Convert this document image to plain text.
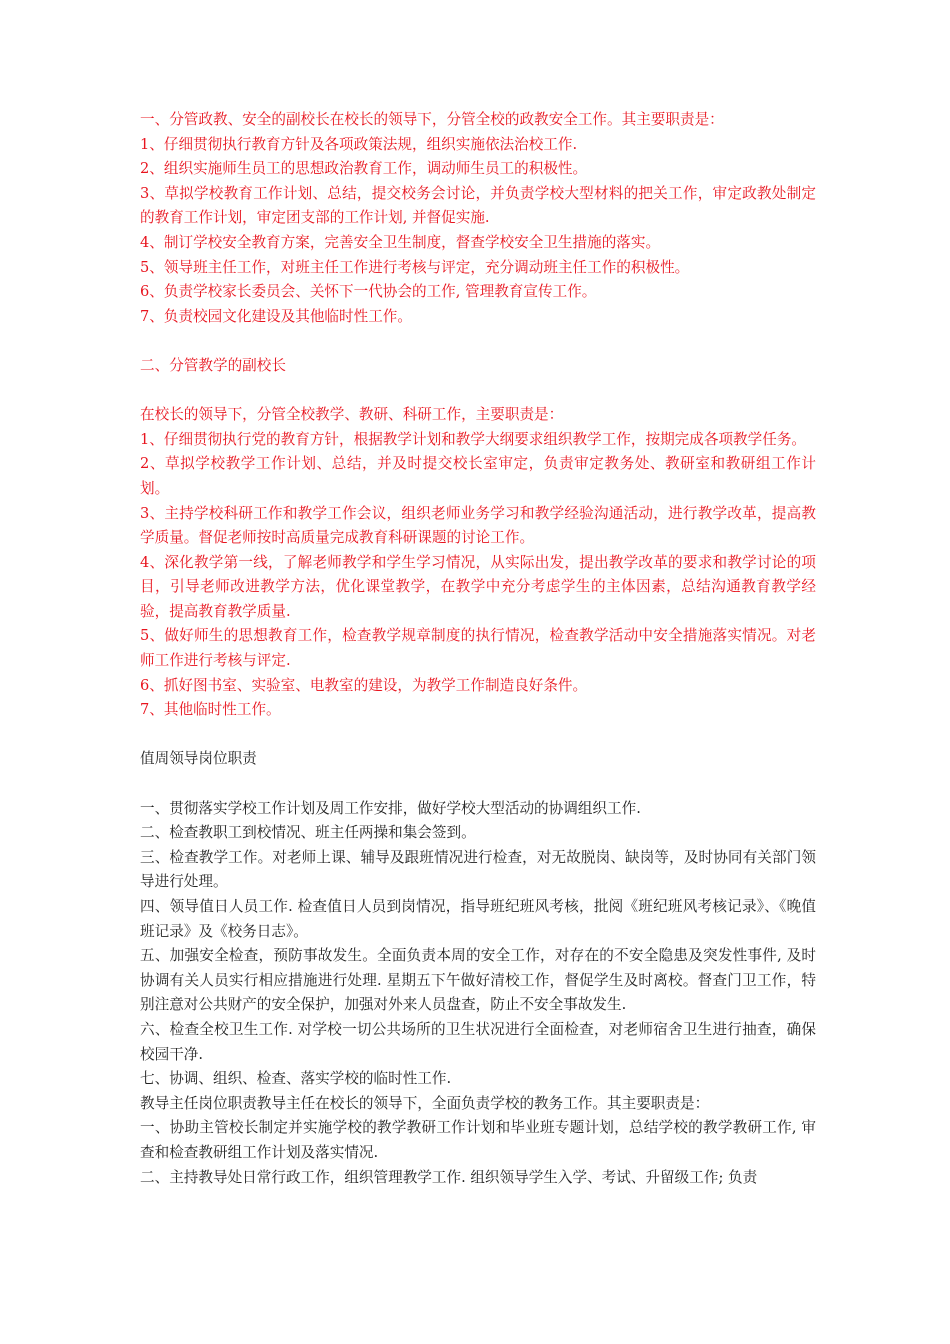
一、分管政教、安全的副校长在校长的领导下，分管全校的政教安全工作。其主要职责是：

1、仔细贯彻执行教育方针及各项政策法规，组织实施依法治校工作.

2、组织实施师生员工的思想政治教育工作，调动师生员工的积极性。

3、草拟学校教育工作计划、总结，提交校务会讨论，并负责学校大型材料的把关工作，审定政教处制定的教育工作计划，审定团支部的工作计划, 并督促实施.

4、制订学校安全教育方案，完善安全卫生制度，督查学校安全卫生措施的落实。

5、领导班主任工作，对班主任工作进行考核与评定，充分调动班主任工作的积极性。

6、负责学校家长委员会、关怀下一代协会的工作, 管理教育宣传工作。

7、负责校园文化建设及其他临时性工作。

二、分管教学的副校长

在校长的领导下，分管全校教学、教研、科研工作，主要职责是：

1、仔细贯彻执行党的教育方针，根据教学计划和教学大纲要求组织教学工作，按期完成各项教学任务。

2、草拟学校教学工作计划、总结，并及时提交校长室审定，负责审定教务处、教研室和教研组工作计划。

3、主持学校科研工作和教学工作会议，组织老师业务学习和教学经验沟通活动，进行教学改革，提高教学质量。督促老师按时高质量完成教育科研课题的讨论工作。

4、深化教学第一线，了解老师教学和学生学习情况，从实际出发，提出教学改革的要求和教学讨论的项目，引导老师改进教学方法，优化课堂教学，在教学中充分考虑学生的主体因素，总结沟通教育教学经验，提高教育教学质量.

5、做好师生的思想教育工作，检查教学规章制度的执行情况，检查教学活动中安全措施落实情况。对老师工作进行考核与评定.

6、抓好图书室、实验室、电教室的建设，为教学工作制造良好条件。

7、其他临时性工作。

值周领导岗位职责

一、贯彻落实学校工作计划及周工作安排，做好学校大型活动的协调组织工作.

二、检查教职工到校情况、班主任两操和集会签到。

三、检查教学工作。对老师上课、辅导及跟班情况进行检查，对无故脱岗、缺岗等，及时协同有关部门领导进行处理。

四、领导值日人员工作. 检查值日人员到岗情况，指导班纪班风考核，批阅《班纪班风考核记录》、《晚值班记录》及《校务日志》。

五、加强安全检查，预防事故发生。全面负责本周的安全工作，对存在的不安全隐患及突发性事件, 及时协调有关人员实行相应措施进行处理. 星期五下午做好清校工作，督促学生及时离校。督查门卫工作，特别注意对公共财产的安全保护，加强对外来人员盘查，防止不安全事故发生.

六、检查全校卫生工作. 对学校一切公共场所的卫生状况进行全面检查，对老师宿舍卫生进行抽查，确保校园干净.

七、协调、组织、检查、落实学校的临时性工作.

教导主任岗位职责教导主任在校长的领导下，全面负责学校的教务工作。其主要职责是：

一、协助主管校长制定并实施学校的教学教研工作计划和毕业班专题计划，总结学校的教学教研工作, 审查和检查教研组工作计划及落实情况.

二、主持教导处日常行政工作，组织管理教学工作. 组织领导学生入学、考试、升留级工作; 负责
